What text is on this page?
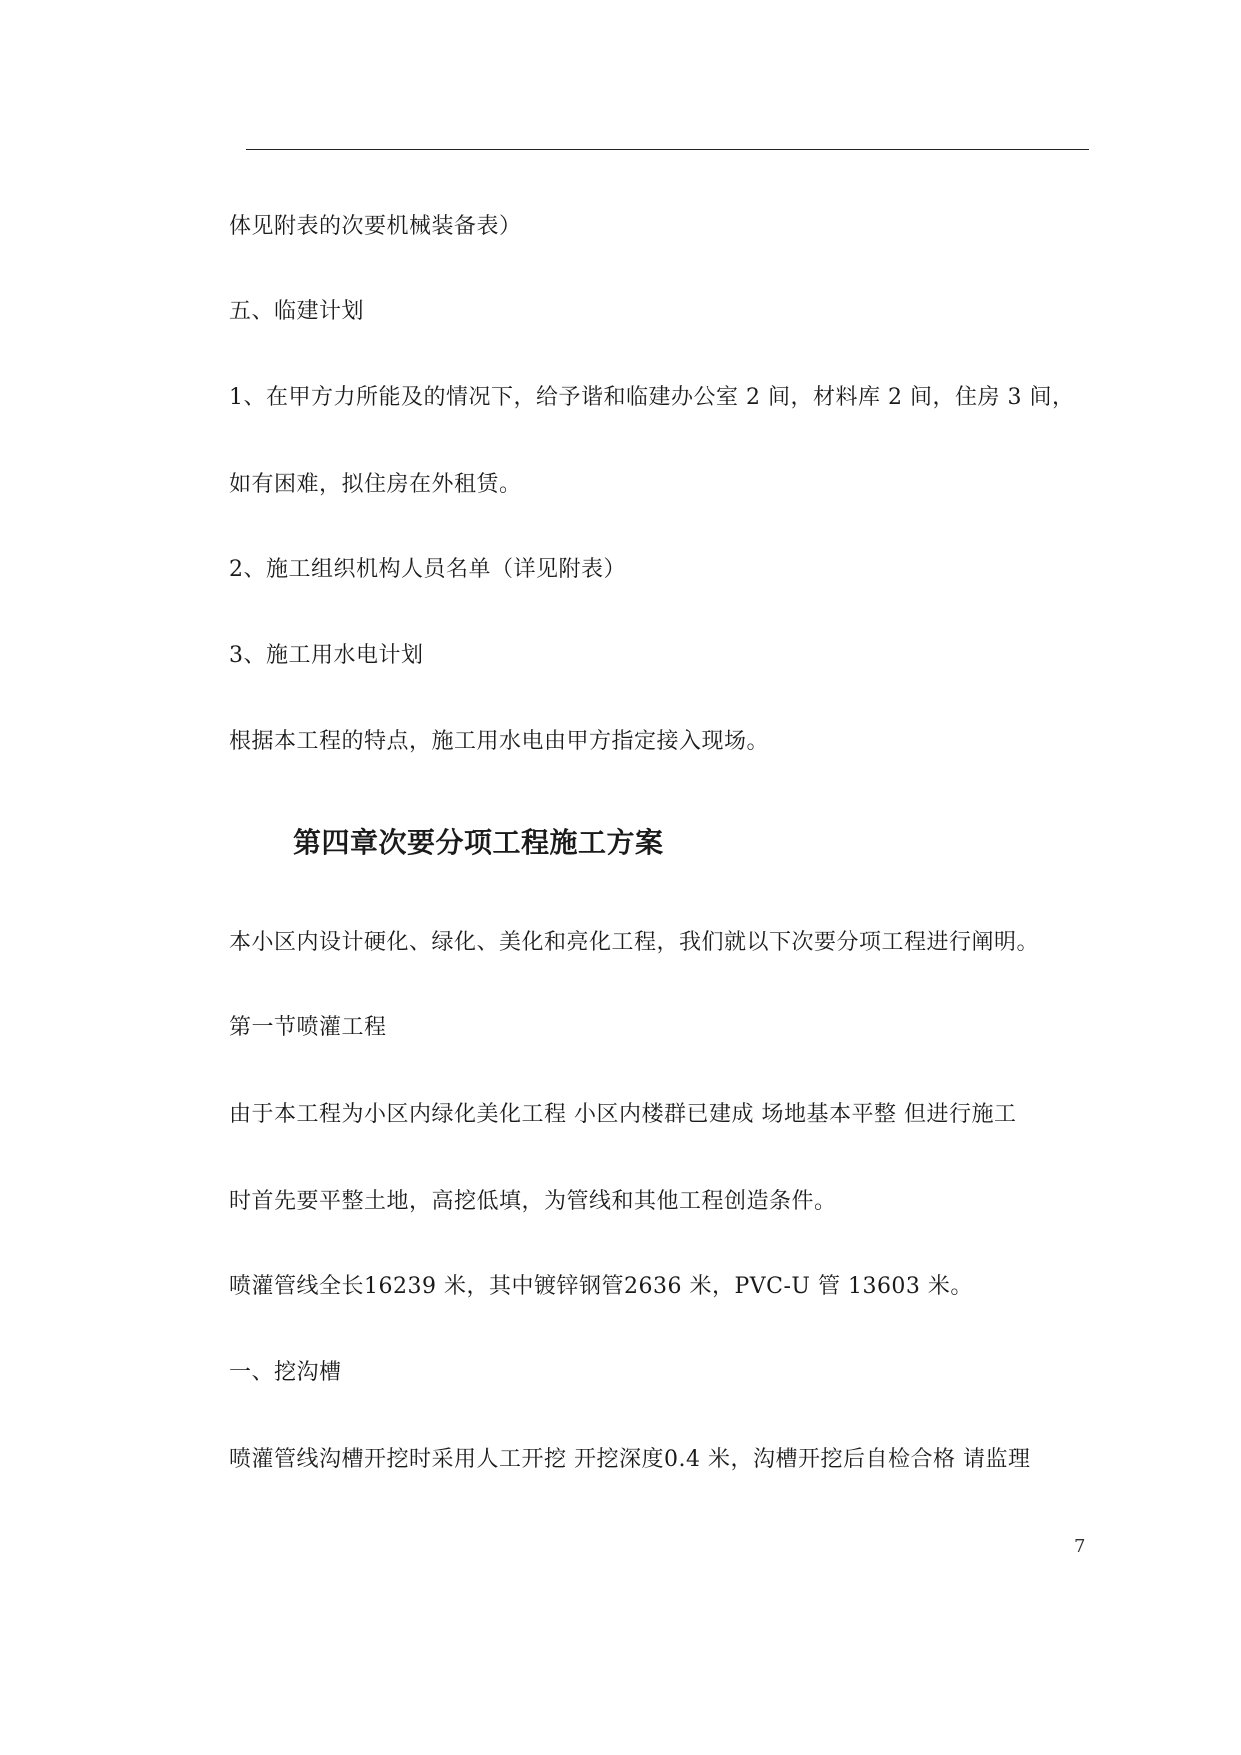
体见附表的次要机械装备表）
五、临建计划
1、在甲方力所能及的情况下，给予谐和临建办公室 2 间，材料库 2 间，住房 3 间，
如有困难，拟住房在外租赁。
2、施工组织机构人员名单（详见附表）
3、施工用水电计划
根据本工程的特点，施工用水电由甲方指定接入现场。
第四章次要分项工程施工方案
本小区内设计硬化、绿化、美化和亮化工程，我们就以下次要分项工程进行阐明。
第一节喷灌工程
由于本工程为小区内绿化美化工程 小区内楼群已建成 场地基本平整 但进行施工
时首先要平整土地，高挖低填，为管线和其他工程创造条件。
喷灌管线全长16239 米，其中镀锌钢管2636 米，PVC-U 管 13603 米。
一、挖沟槽
喷灌管线沟槽开挖时采用人工开挖 开挖深度0.4 米，沟槽开挖后自检合格 请监理
7
